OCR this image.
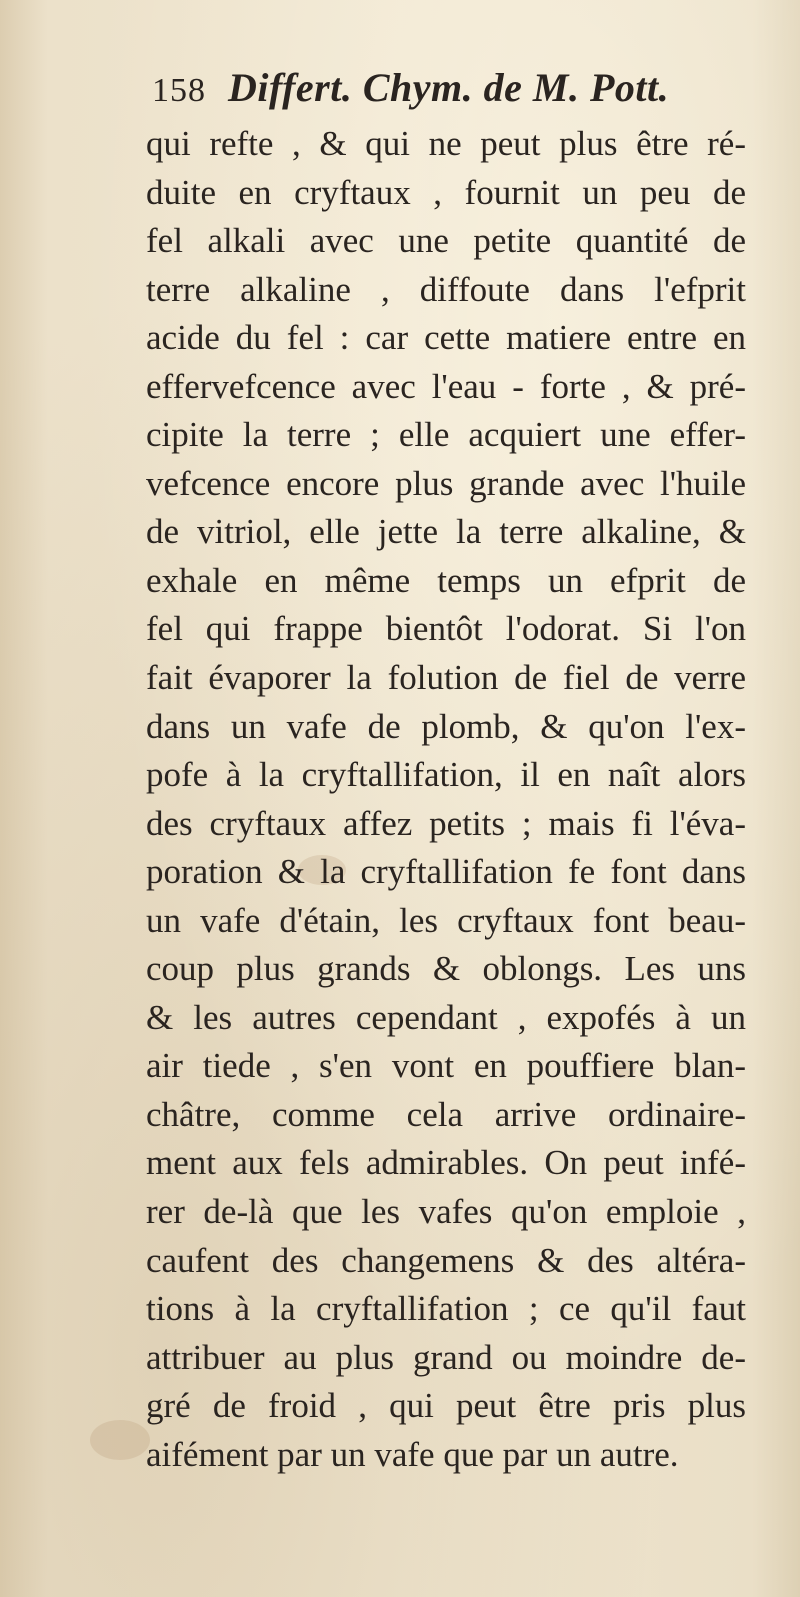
158 Differt. Chym. de M. Pott.
qui refte , & qui ne peut plus être ré-
duite en cryftaux , fournit un peu de
fel alkali avec une petite quantité de
terre alkaline , diffoute dans l'efprit
acide du fel : car cette matiere entre en
effervefcence avec l'eau - forte , & pré-
cipite la terre ; elle acquiert une effer-
vefcence encore plus grande avec l'huile
de vitriol, elle jette la terre alkaline, &
exhale en même temps un efprit de
fel qui frappe bientôt l'odorat. Si l'on
fait évaporer la folution de fiel de verre
dans un vafe de plomb, & qu'on l'ex-
pofe à la cryftallifation, il en naît alors
des cryftaux affez petits ; mais fi l'éva-
poration & la cryftallifation fe font dans
un vafe d'étain, les cryftaux font beau-
coup plus grands & oblongs. Les uns
& les autres cependant , expofés à un
air tiede , s'en vont en pouffiere blan-
châtre, comme cela arrive ordinaire-
ment aux fels admirables. On peut infé-
rer de-là que les vafes qu'on emploie ,
caufent des changemens & des altéra-
tions à la cryftallifation ; ce qu'il faut
attribuer au plus grand ou moindre de-
gré de froid , qui peut être pris plus
aifément par un vafe que par un autre.
